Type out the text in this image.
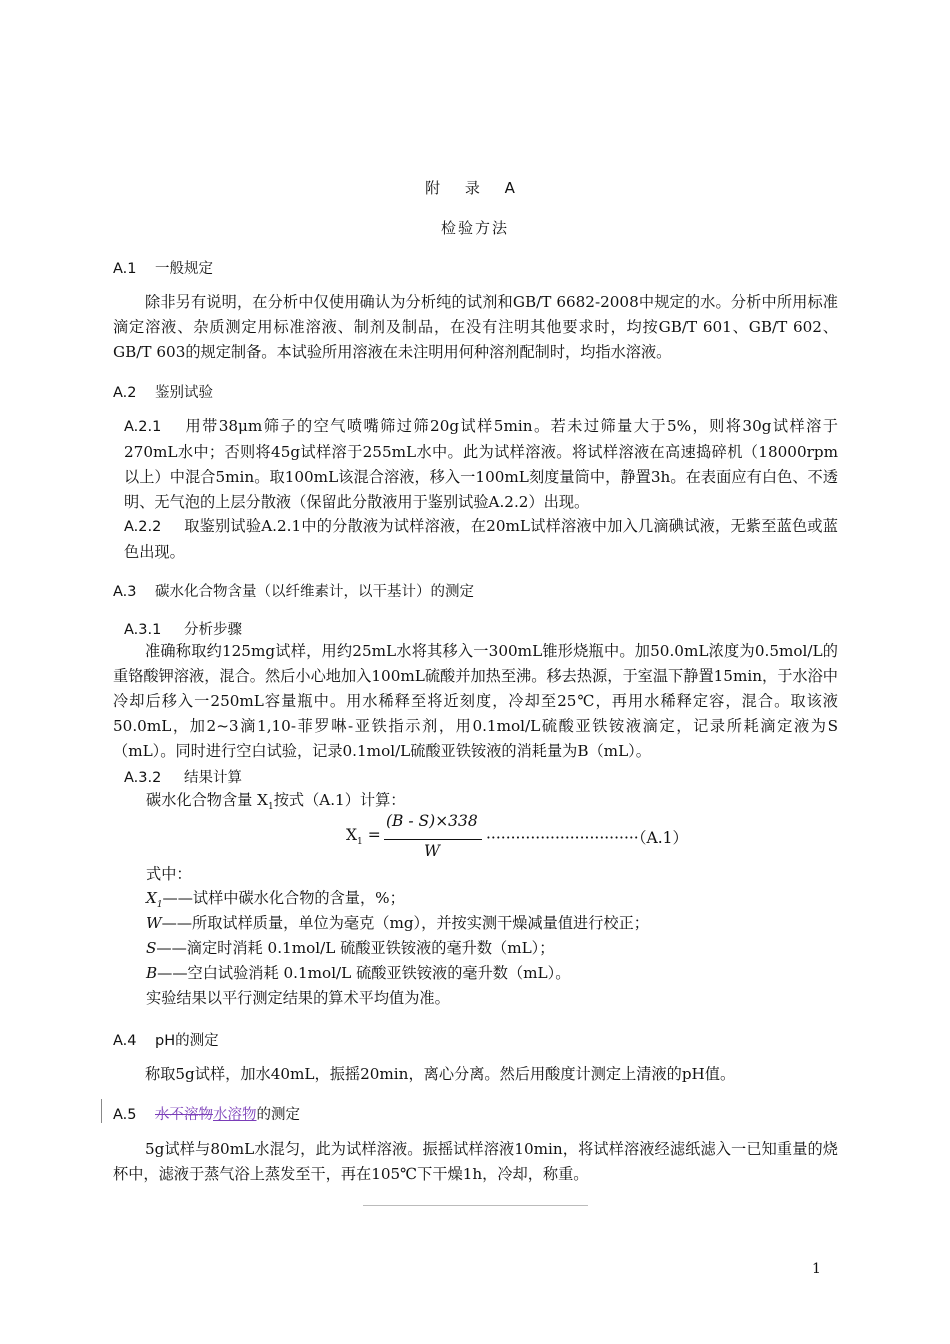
附 录 A
检验方法
A.1 一般规定
除非另有说明，在分析中仅使用确认为分析纯的试剂和GB/T 6682-2008中规定的水。分析中所用标准滴定溶液、杂质测定用标准溶液、制剂及制品，在没有注明其他要求时，均按GB/T 601、GB/T 602、GB/T 603的规定制备。本试验所用溶液在未注明用何种溶剂配制时，均指水溶液。
A.2 鉴别试验
A.2.1 用带38μm筛子的空气喷嘴筛过筛20g试样5min。若未过筛量大于5%，则将30g试样溶于270mL水中；否则将45g试样溶于255mL水中。此为试样溶液。将试样溶液在高速捣碎机（18000rpm以上）中混合5min。取100mL该混合溶液，移入一100mL刻度量筒中，静置3h。在表面应有白色、不透明、无气泡的上层分散液（保留此分散液用于鉴别试验A.2.2）出现。
A.2.2 取鉴别试验A.2.1中的分散液为试样溶液，在20mL试样溶液中加入几滴碘试液，无紫至蓝色或蓝色出现。
A.3 碳水化合物含量（以纤维素计，以干基计）的测定
A.3.1 分析步骤
准确称取约125mg试样，用约25mL水将其移入一300mL锥形烧瓶中。加50.0mL浓度为0.5mol/L的重铬酸钾溶液，混合。然后小心地加入100mL硫酸并加热至沸。移去热源，于室温下静置15min，于水浴中冷却后移入一250mL容量瓶中。用水稀释至将近刻度，冷却至25℃，再用水稀释定容，混合。取该液50.0mL，加2~3滴1,10-菲罗啉-亚铁指示剂，用0.1mol/L硫酸亚铁铵液滴定，记录所耗滴定液为S（mL）。同时进行空白试验，记录0.1mol/L硫酸亚铁铵液的消耗量为B（mL）。
A.3.2 结果计算
碳水化合物含量 $X_1$按式（A.1）计算：
$X_1$ =
(B - S)×338
W
·······························（A.1）
式中：
$X_1——$试样中碳水化合物的含量，%；
W——所取试样质量，单位为毫克（mg），并按实测干燥减量值进行校正；
S——滴定时消耗 0.1mol/L 硫酸亚铁铵液的毫升数（mL）；
B——空白试验消耗 0.1mol/L 硫酸亚铁铵液的毫升数（mL）。
实验结果以平行测定结果的算术平均值为准。
A.4 pH的测定
称取5g试样，加水40mL，振摇20min，离心分离。然后用酸度计测定上清液的pH值。
A.5 水不溶物水溶物的测定
5g试样与80mL水混匀，此为试样溶液。振摇试样溶液10min，将试样溶液经滤纸滤入一已知重量的烧杯中，滤液于蒸气浴上蒸发至干，再在105℃下干燥1h，冷却，称重。
1
